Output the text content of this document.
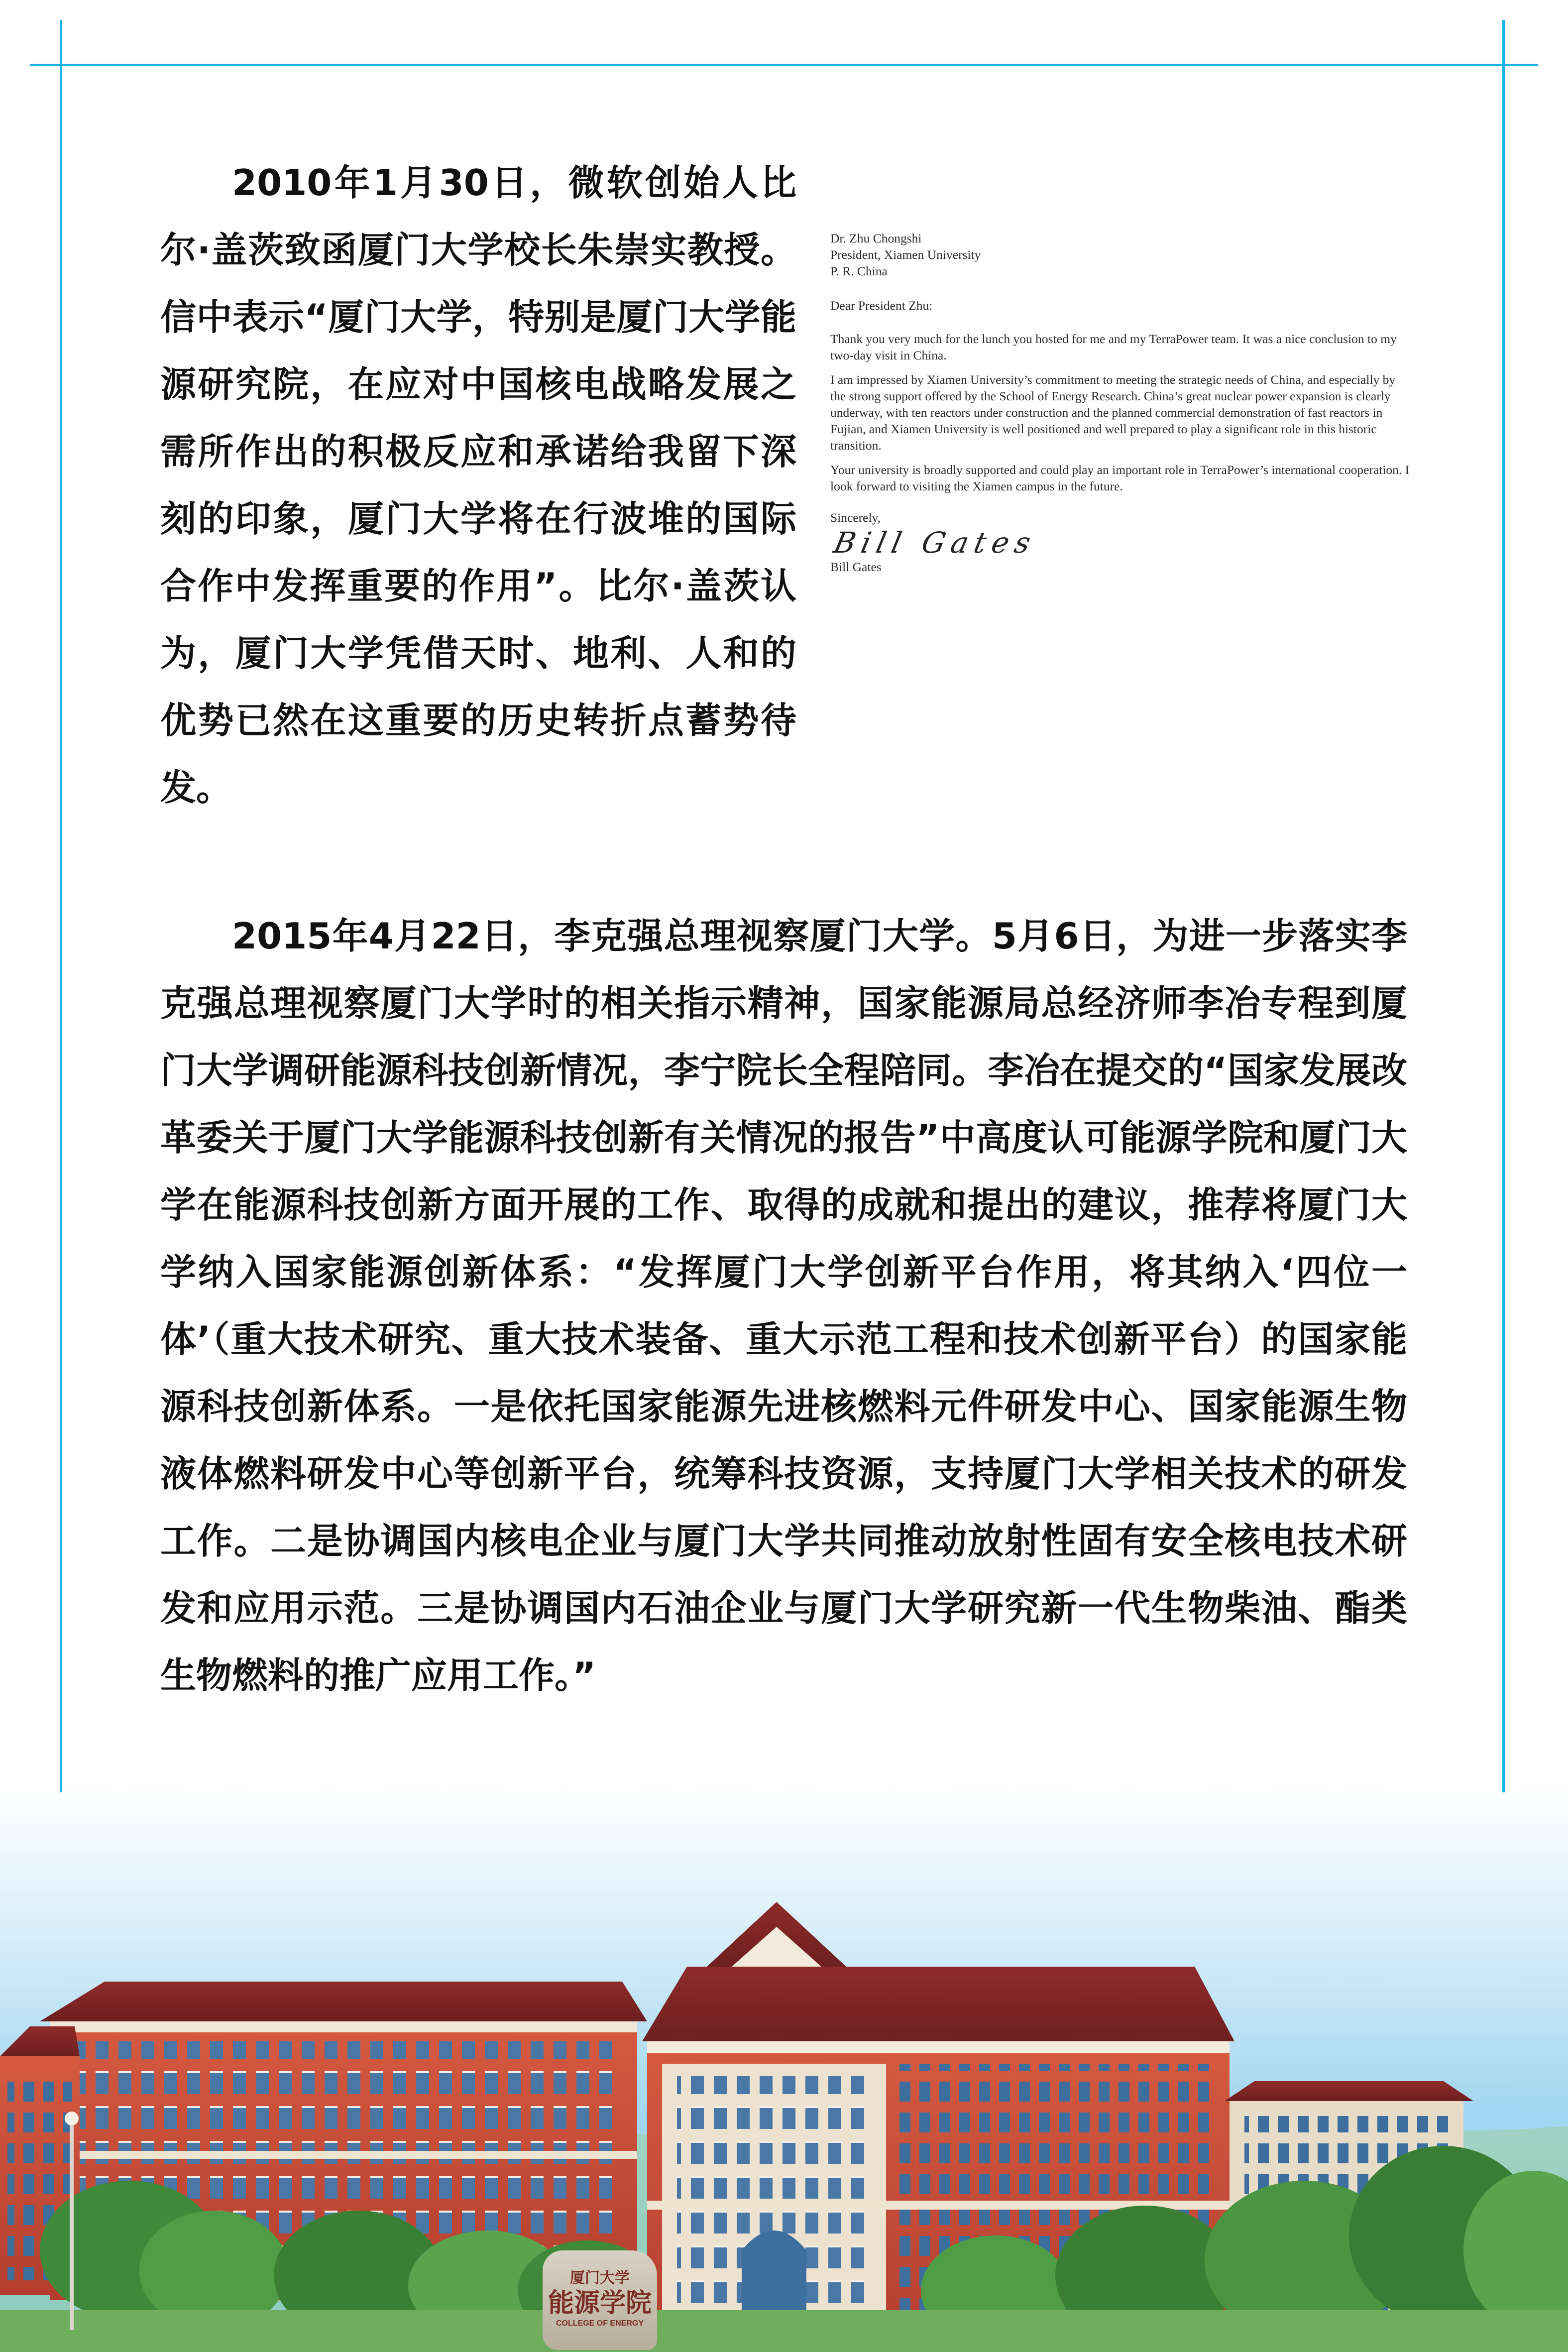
2010年1月30日，微软创始人比尔·盖茨致函厦门大学校长朱崇实教授。信中表示“厦门大学，特别是厦门大学能源研究院，在应对中国核电战略发展之需所作出的积极反应和承诺给我留下深刻的印象，厦门大学将在行波堆的国际合作中发挥重要的作用”。比尔·盖茨认为，厦门大学凭借天时、地利、人和的优势已然在这重要的历史转折点蓄势待发。
Dr. Zhu Chongshi
President, Xiamen University
P. R. China

Dear President Zhu:

Thank you very much for the lunch you hosted for me and my TerraPower team. It was a nice conclusion to my two-day visit in China.

I am impressed by Xiamen University’s commitment to meeting the strategic needs of China, and especially by the strong support offered by the School of Energy Research. China’s great nuclear power expansion is clearly underway, with ten reactors under construction and the planned commercial demonstration of fast reactors in Fujian, and Xiamen University is well positioned and well prepared to play a significant role in this historic transition.

Your university is broadly supported and could play an important role in TerraPower’s international cooperation. I look forward to visiting the Xiamen campus in the future.

Sincerely,
Bill Gates
Bill Gates
2015年4月22日，李克强总理视察厦门大学。5月6日，为进一步落实李克强总理视察厦门大学时的相关指示精神，国家能源局总经济师李冶专程到厦门大学调研能源科技创新情况，李宁院长全程陪同。李冶在提交的“国家发展改革委关于厦门大学能源科技创新有关情况的报告”中高度认可能源学院和厦门大学在能源科技创新方面开展的工作、取得的成就和提出的建议，推荐将厦门大学纳入国家能源创新体系：“发挥厦门大学创新平台作用，将其纳入‘四位一体’（重大技术研究、重大技术装备、重大示范工程和技术创新平台）的国家能源科技创新体系。一是依托国家能源先进核燃料元件研发中心、国家能源生物液体燃料研发中心等创新平台，统筹科技资源，支持厦门大学相关技术的研发工作。二是协调国内核电企业与厦门大学共同推动放射性固有安全核电技术研发和应用示范。三是协调国内石油企业与厦门大学研究新一代生物柴油、酯类生物燃料的推广应用工作。”
厦门大学
能源学院
COLLEGE OF ENERGY
